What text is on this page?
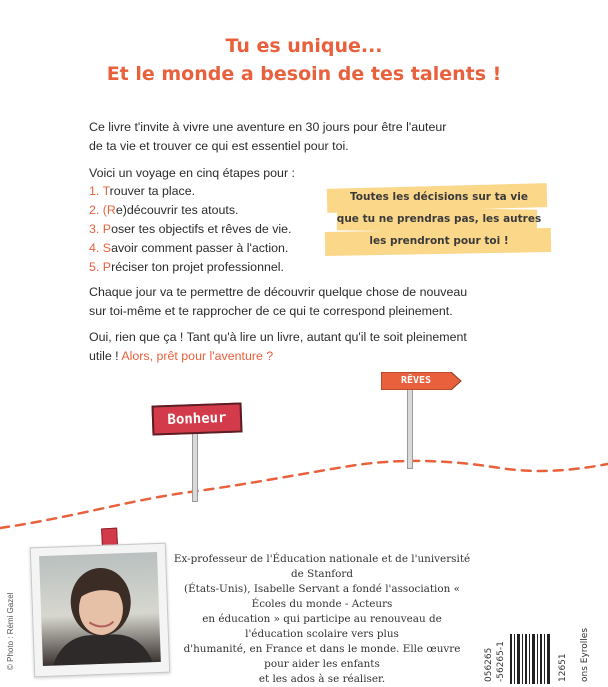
Tu es unique...
Et le monde a besoin de tes talents !

Ce livre t'invite à vivre une aventure en 30 jours pour être l'auteur
de ta vie et trouver ce qui est essentiel pour toi.

Voici un voyage en cinq étapes pour :

1. Trouver ta place.
2. (Re)découvrir tes atouts.
3. Poser tes objectifs et rêves de vie.
4. Savoir comment passer à l'action.
5. Préciser ton projet professionnel.
Toutes les décisions sur ta vie
que tu ne prendras pas, les autres
les prendront pour toi !

Chaque jour va te permettre de découvrir quelque chose de nouveau
sur toi-même et te rapprocher de ce qui te correspond pleinement.

Oui, rien que ça ! Tant qu'à lire un livre, autant qu'il te soit pleinement
utile ! Alors, prêt pour l'aventure ?

Bonheur
RÊVES
© Photo : Rémi Gazel

Ex-professeur de l'Éducation nationale et de l'université de Stanford
(États-Unis), Isabelle Servant a fondé l'association « Écoles du monde - Acteurs
en éducation » qui participe au renouveau de l'éducation scolaire vers plus
d'humanité, en France et dans le monde. Elle œuvre pour aider les enfants
et les ados à se réaliser.	056265 -56265-1	12651 ons Eyrolles
